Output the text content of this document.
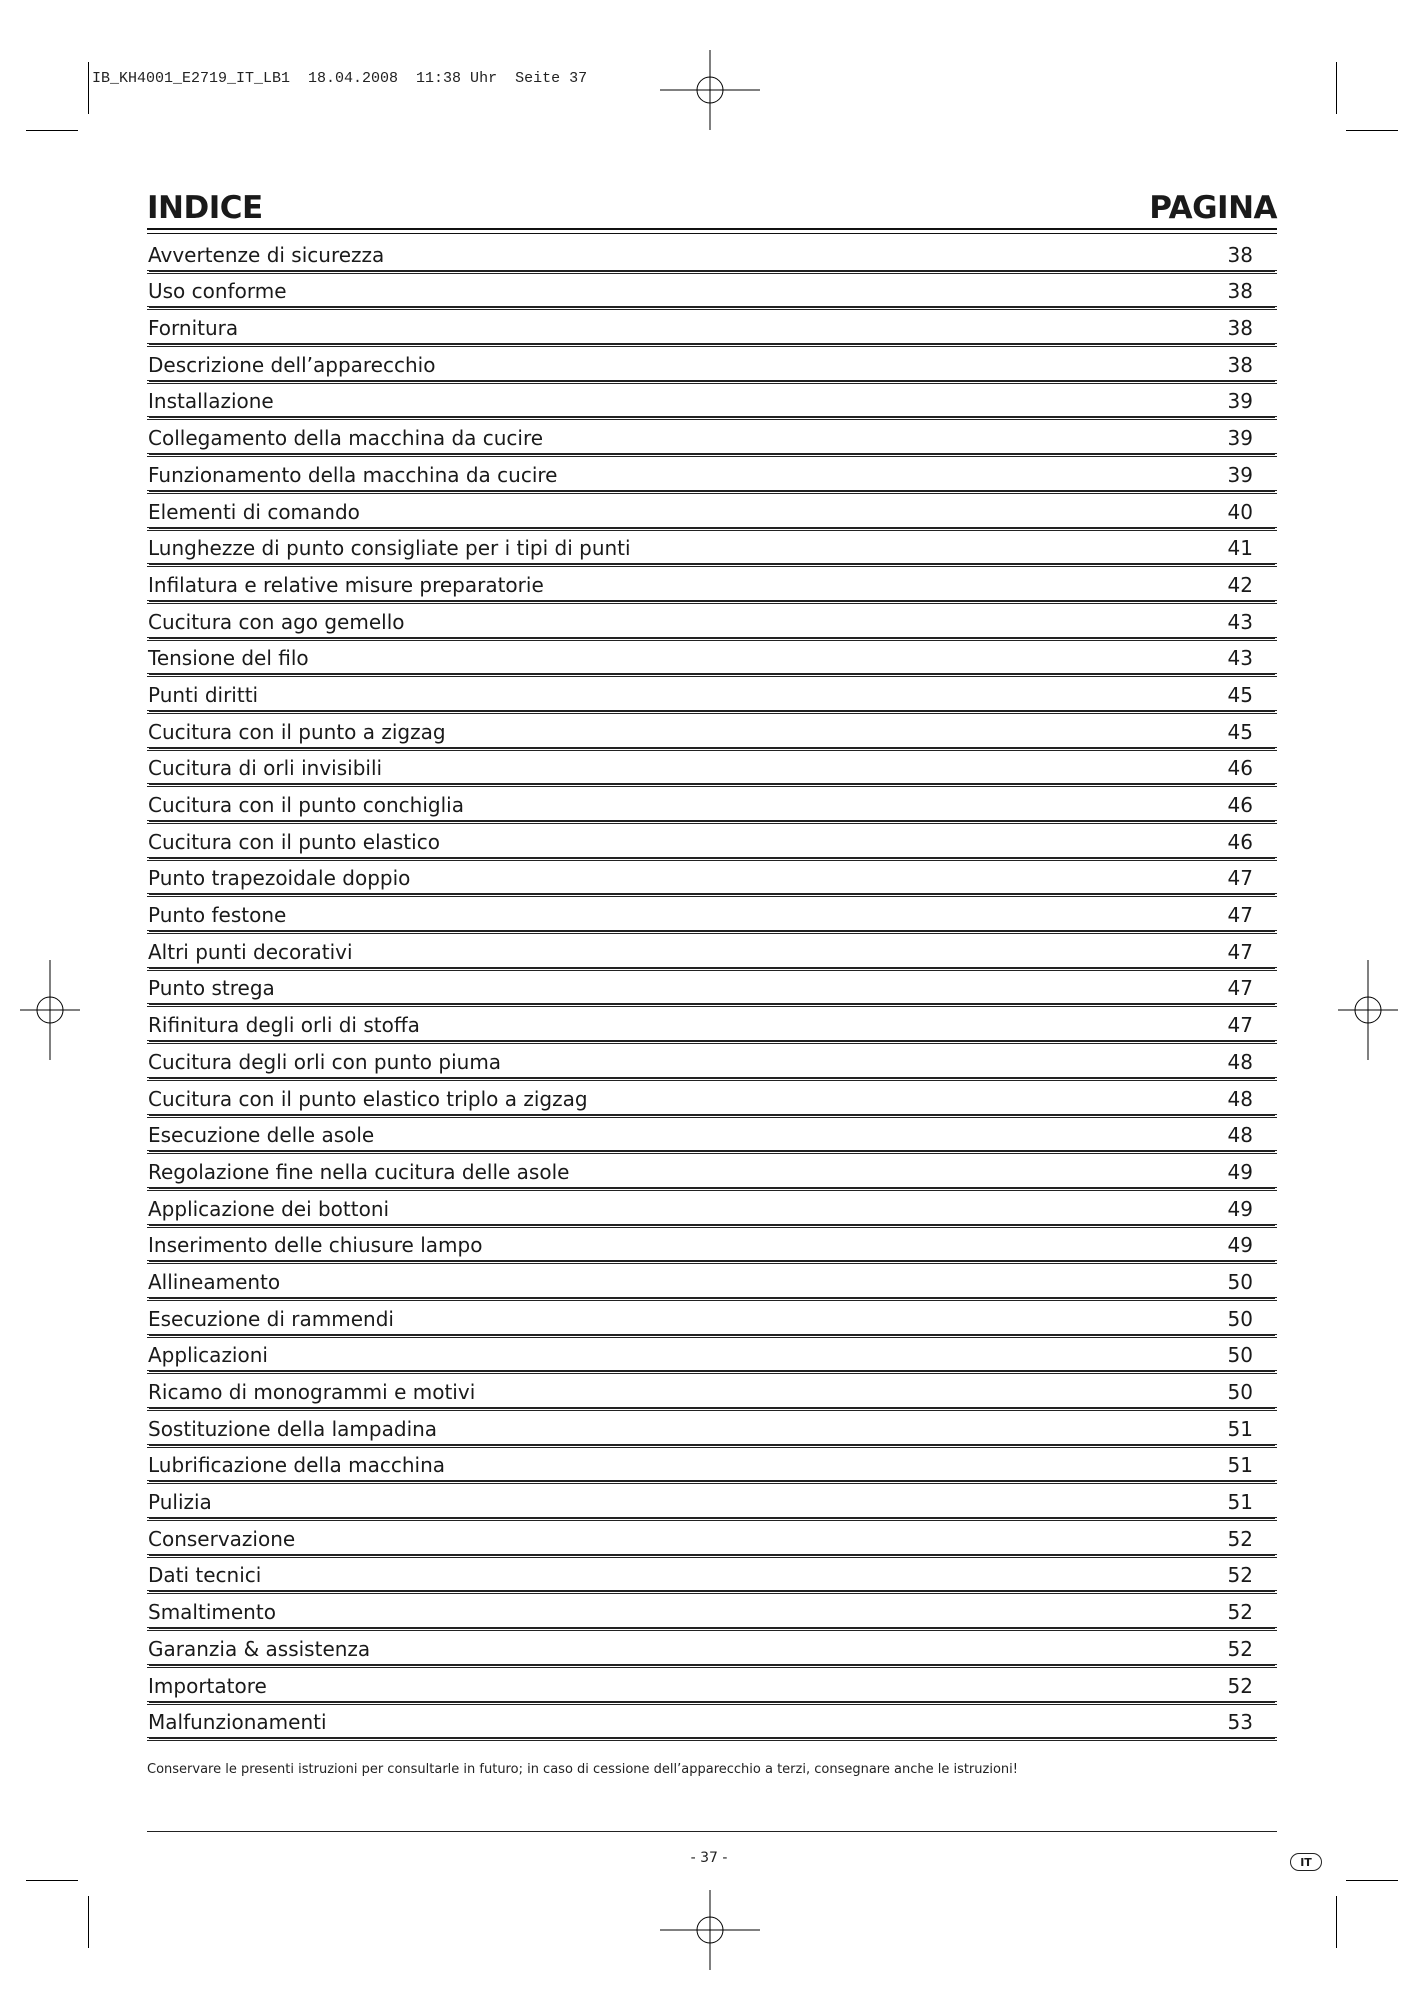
IB_KH4001_E2719_IT_LB1  18.04.2008  11:38 Uhr  Seite 37
INDICE	PAGINA
Avvertenze di sicurezza	38
Uso conforme	38
Fornitura	38
Descrizione dell’apparecchio	38
Installazione	39
Collegamento della macchina da cucire	39
Funzionamento della macchina da cucire	39
Elementi di comando	40
Lunghezze di punto consigliate per i tipi di punti	41
Infilatura e relative misure preparatorie	42
Cucitura con ago gemello	43
Tensione del filo	43
Punti diritti	45
Cucitura con il punto a zigzag	45
Cucitura di orli invisibili	46
Cucitura con il punto conchiglia	46
Cucitura con il punto elastico	46
Punto trapezoidale doppio	47
Punto festone	47
Altri punti decorativi	47
Punto strega	47
Rifinitura degli orli di stoffa	47
Cucitura degli orli con punto piuma	48
Cucitura con il punto elastico triplo a zigzag	48
Esecuzione delle asole	48
Regolazione fine nella cucitura delle asole	49
Applicazione dei bottoni	49
Inserimento delle chiusure lampo	49
Allineamento	50
Esecuzione di rammendi	50
Applicazioni	50
Ricamo di monogrammi e motivi	50
Sostituzione della lampadina	51
Lubrificazione della macchina	51
Pulizia	51
Conservazione	52
Dati tecnici	52
Smaltimento	52
Garanzia & assistenza	52
Importatore	52
Malfunzionamenti	53
Conservare le presenti istruzioni per consultarle in futuro; in caso di cessione dell’apparecchio a terzi, consegnare anche le istruzioni!
- 37 -	IT
